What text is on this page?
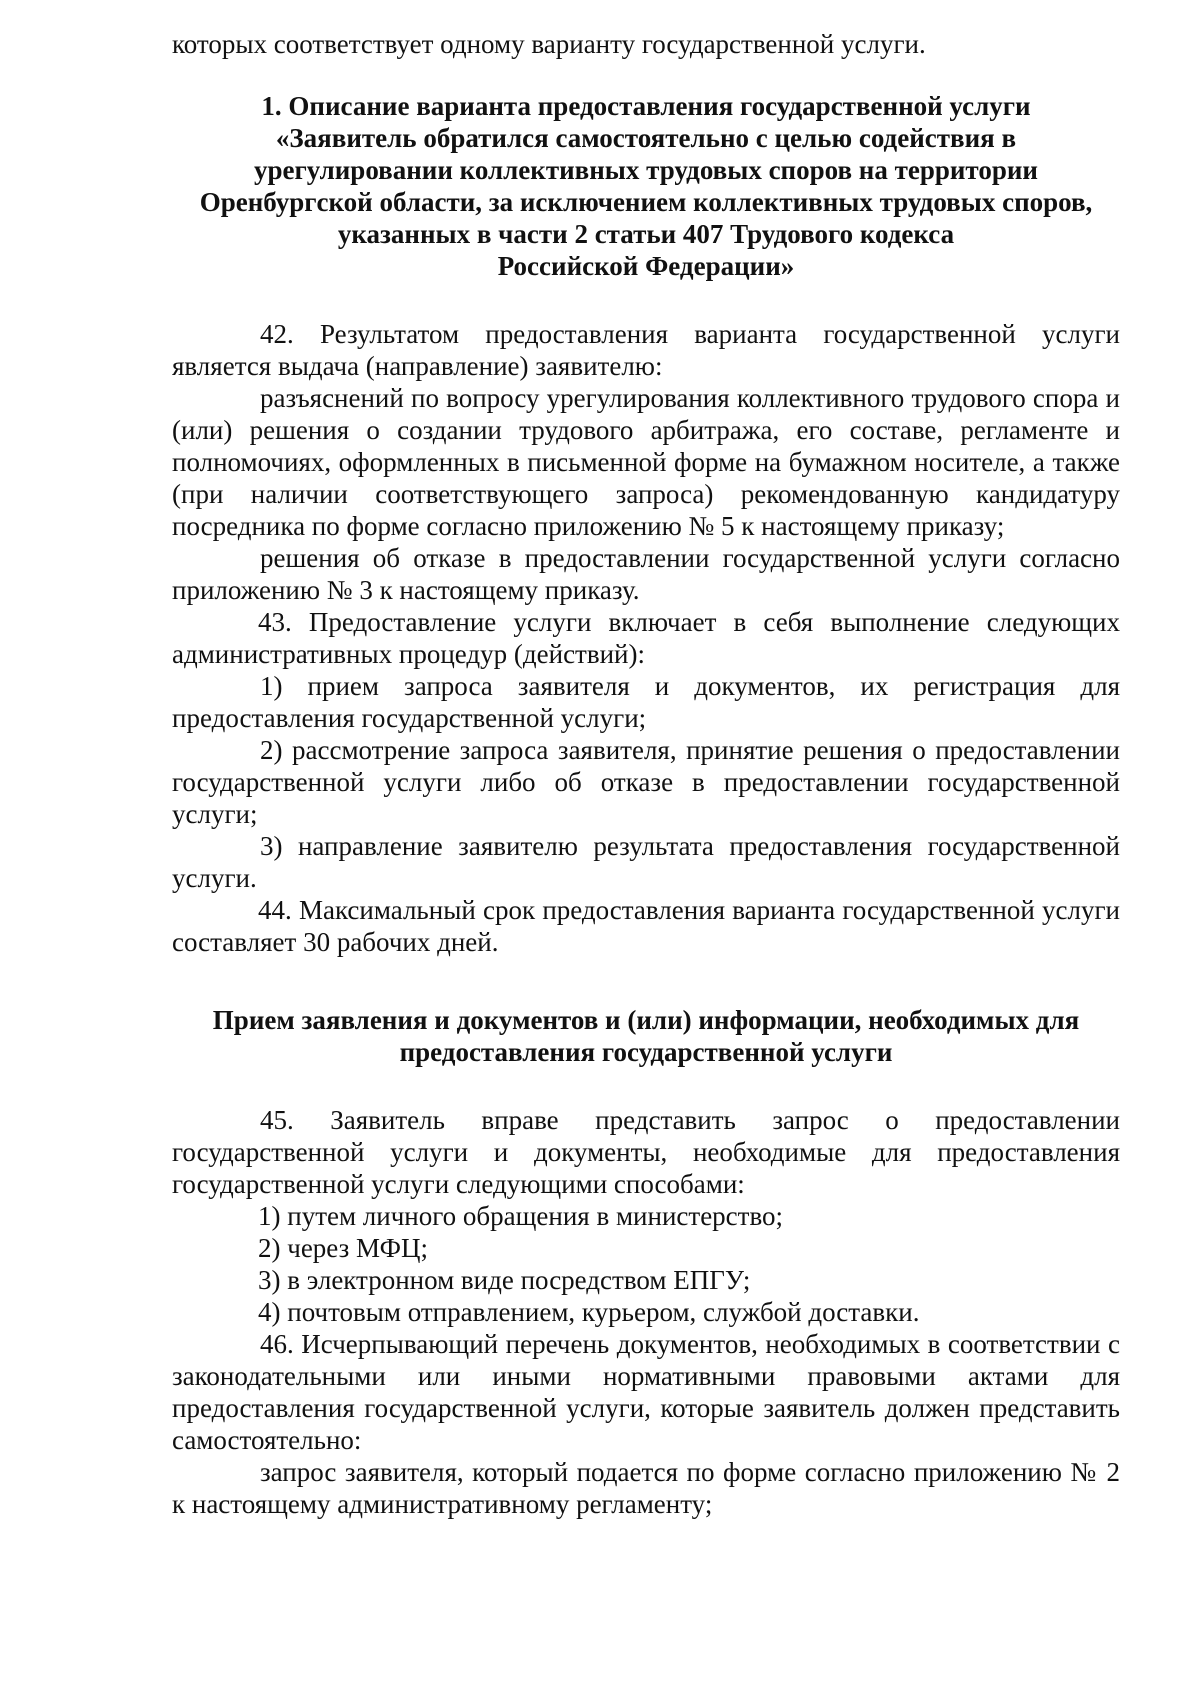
которых соответствует одному варианту государственной услуги.

1. Описание варианта предоставления государственной услуги

«Заявитель обратился самостоятельно с целью содействия в

урегулировании коллективных трудовых споров на территории

Оренбургской области, за исключением коллективных трудовых споров,

указанных в части 2 статьи 407 Трудового кодекса

Российской Федерации»

42. Результатом предоставления варианта государственной услуги является выдача (направление) заявителю:

разъяснений по вопросу урегулирования коллективного трудового спора и (или) решения о создании трудового арбитража, его составе, регламенте и полномочиях, оформленных в письменной форме на бумажном носителе, а также (при наличии соответствующего запроса) рекомендованную кандидатуру посредника по форме согласно приложению № 5 к настоящему приказу;

решения об отказе в предоставлении государственной услуги согласно приложению № 3 к настоящему приказу.

43. Предоставление услуги включает в себя выполнение следующих административных процедур (действий):

1) прием запроса заявителя и документов, их регистрация для предоставления государственной услуги;

2) рассмотрение запроса заявителя, принятие решения о предоставлении государственной услуги либо об отказе в предоставлении государственной услуги;

3) направление заявителю результата предоставления государственной услуги.

44. Максимальный срок предоставления варианта государственной услуги составляет 30 рабочих дней.

Прием заявления и документов и (или) информации, необходимых для

предоставления государственной услуги

45. Заявитель вправе представить запрос о предоставлении государственной услуги и документы, необходимые для предоставления государственной услуги следующими способами:

1) путем личного обращения в министерство;

2) через МФЦ;

3) в электронном виде посредством ЕПГУ;

4) почтовым отправлением, курьером, службой доставки.

46. Исчерпывающий перечень документов, необходимых в соответствии с законодательными или иными нормативными правовыми актами для предоставления государственной услуги, которые заявитель должен представить самостоятельно:

запрос заявителя, который подается по форме согласно приложению № 2 к настоящему административному регламенту;
